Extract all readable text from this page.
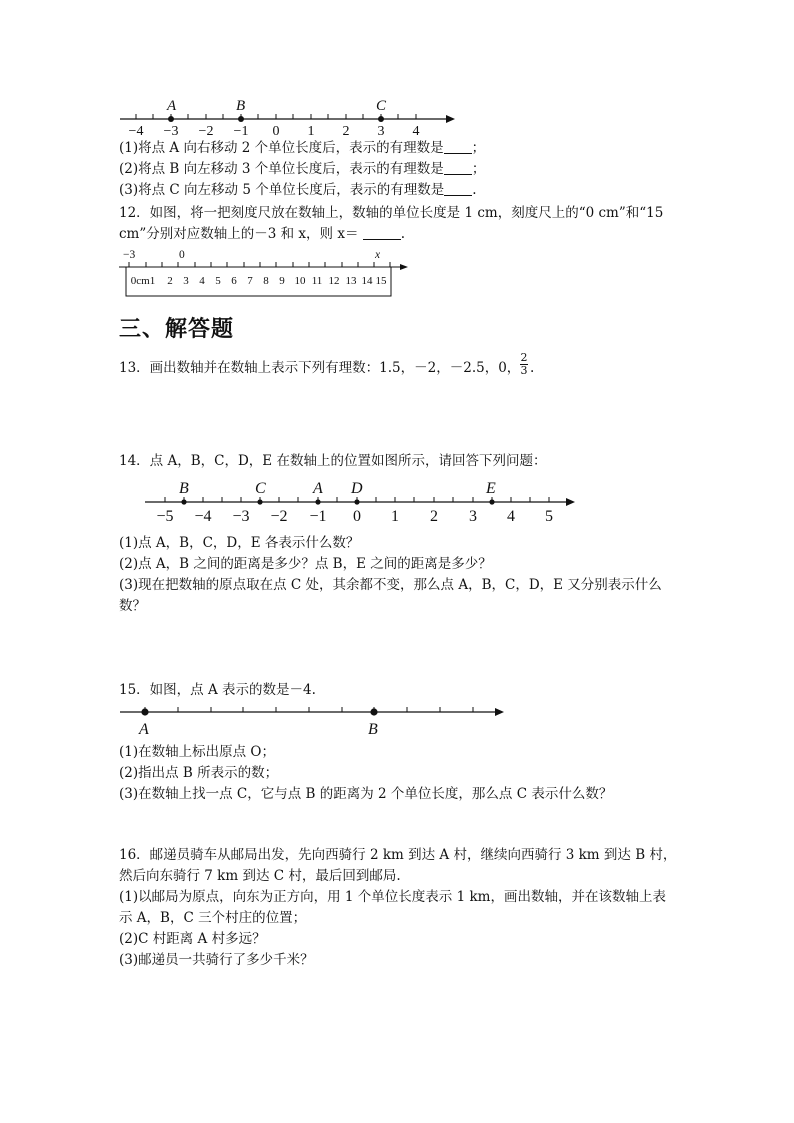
A	B	C
−4 −3 −2 −1 0 1 2 3 4
(1)将点 A 向右移动 2 个单位长度后，表示的有理数是 ；
(2)将点 B 向左移动 3 个单位长度后，表示的有理数是 ；
(3)将点 C 向左移动 5 个单位长度后，表示的有理数是 .
12．如图，将一把刻度尺放在数轴上，数轴的单位长度是 1 cm，刻度尺上的“0 cm”和“15
cm”分别对应数轴上的－3 和 x，则 x＝	.
−3	0	x
0cm1 2 3 4 5 6 7 8 9 10 11 12 13 14 15
三、解答题
13．画出数轴并在数轴上表示下列有理数：1.5，－2，－2.5，0，
2
3 .
14．点 A，B，C，D，E 在数轴上的位置如图所示，请回答下列问题：
B	C	A D	E
−5 −4 −3 −2 −1 0 1 2 3 4 5
(1)点 A，B，C，D，E 各表示什么数？
(2)点 A，B 之间的距离是多少？点 B，E 之间的距离是多少？
(3)现在把数轴的原点取在点 C 处，其余都不变，那么点 A，B，C，D，E 又分别表示什么
数？
15．如图，点 A 表示的数是－4.
A	B
(1)在数轴上标出原点 O；
(2)指出点 B 所表示的数；
(3)在数轴上找一点 C，它与点 B 的距离为 2 个单位长度，那么点 C 表示什么数？
16．邮递员骑车从邮局出发，先向西骑行 2 km 到达 A 村，继续向西骑行 3 km 到达 B 村，
然后向东骑行 7 km 到达 C 村，最后回到邮局.
(1)以邮局为原点，向东为正方向，用 1 个单位长度表示 1 km，画出数轴，并在该数轴上表
示 A，B，C 三个村庄的位置；
(2)C 村距离 A 村多远？
(3)邮递员一共骑行了多少千米？
